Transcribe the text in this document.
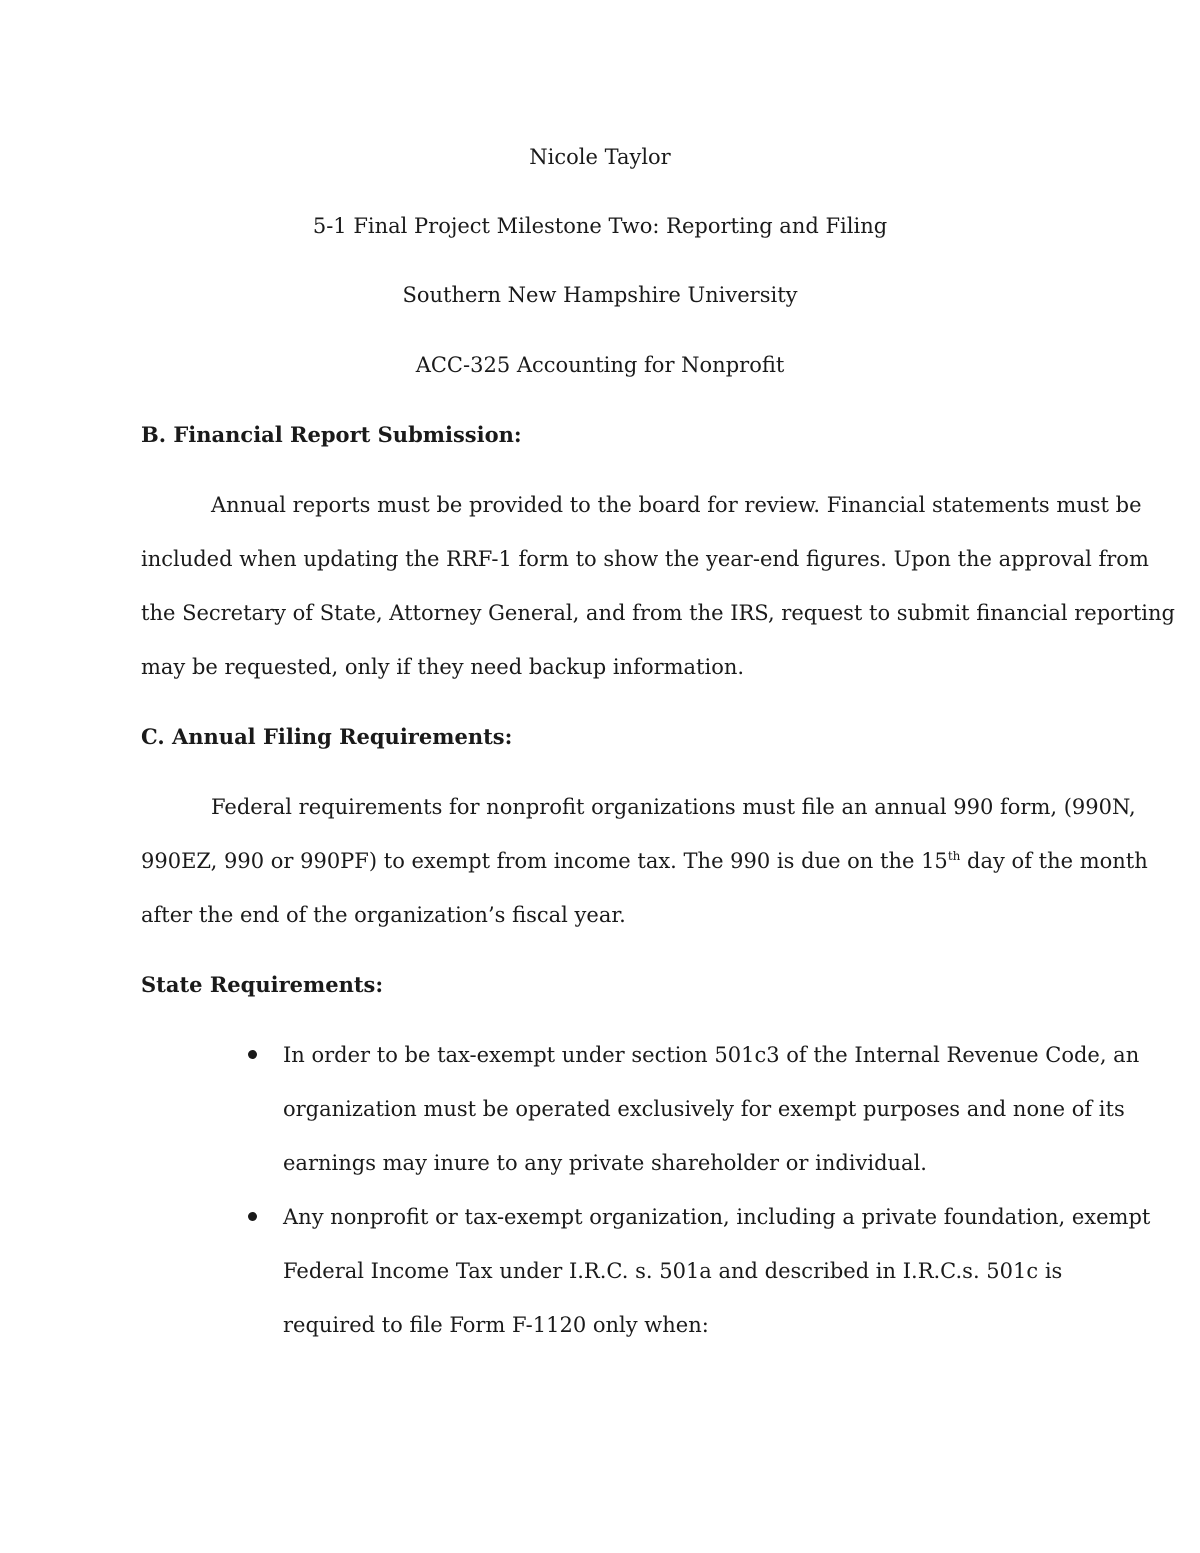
Nicole Taylor

5-1 Final Project Milestone Two: Reporting and Filing

Southern New Hampshire University

ACC-325 Accounting for Nonprofit

B. Financial Report Submission:

Annual reports must be provided to the board for review. Financial statements must be

included when updating the RRF-1 form to show the year-end figures. Upon the approval from

the Secretary of State, Attorney General, and from the IRS, request to submit financial reporting

may be requested, only if they need backup information.

C. Annual Filing Requirements:

Federal requirements for nonprofit organizations must file an annual 990 form, (990N,

990EZ, 990 or 990PF) to exempt from income tax. The 990 is due on the 15th day of the month

after the end of the organization’s fiscal year.

State Requirements:

In order to be tax-exempt under section 501c3 of the Internal Revenue Code, an

organization must be operated exclusively for exempt purposes and none of its

earnings may inure to any private shareholder or individual.

Any nonprofit or tax-exempt organization, including a private foundation, exempt

Federal Income Tax under I.R.C. s. 501a and described in I.R.C.s. 501c is

required to file Form F-1120 only when:
